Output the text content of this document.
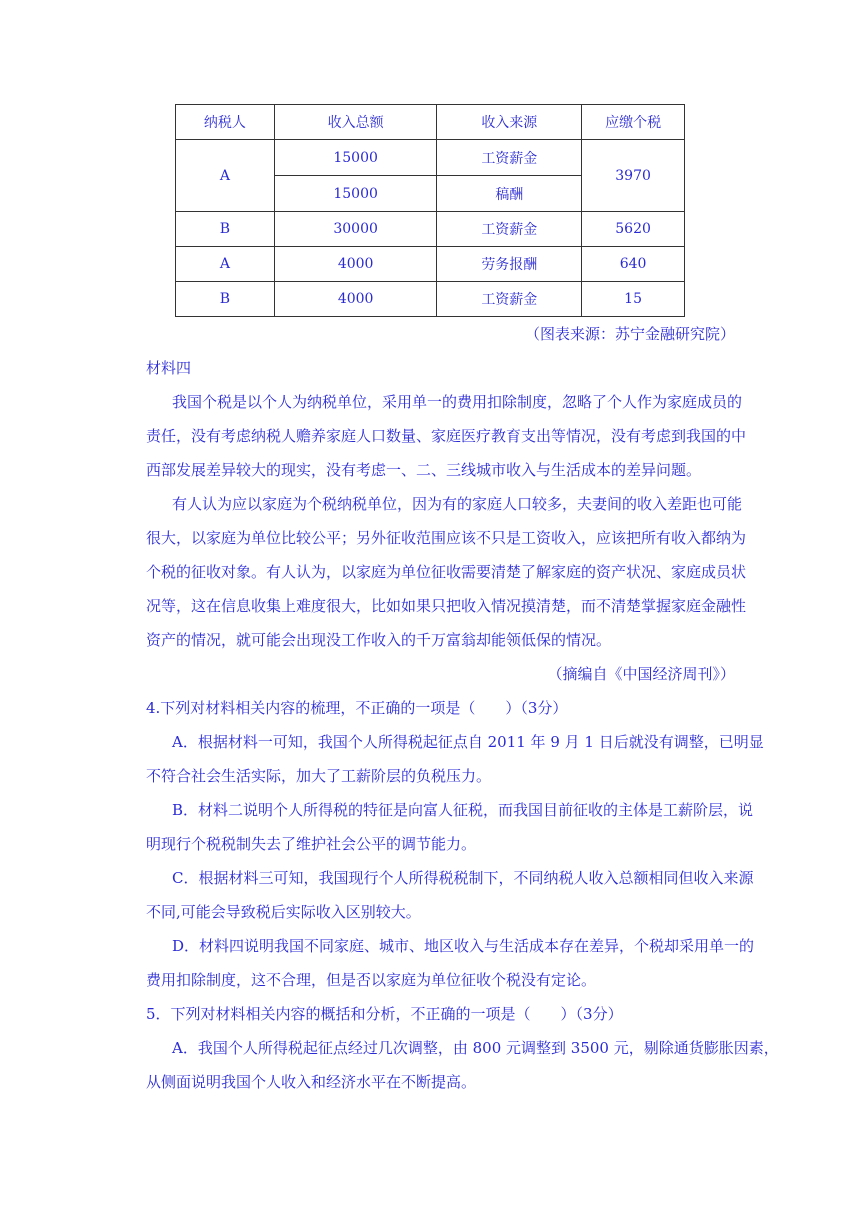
纳税人	收入总额	收入来源	应缴个税
A	15000	工资薪金	3970
	15000	稿酬	
B	30000	工资薪金	5620
A	4000	劳务报酬	640
B	4000	工资薪金	15
（图表来源：苏宁金融研究院）
材料四
我国个税是以个人为纳税单位，采用单一的费用扣除制度，忽略了个人作为家庭成员的
责任，没有考虑纳税人赡养家庭人口数量、家庭医疗教育支出等情况，没有考虑到我国的中
西部发展差异较大的现实，没有考虑一、二、三线城市收入与生活成本的差异问题。
有人认为应以家庭为个税纳税单位，因为有的家庭人口较多，夫妻间的收入差距也可能
很大，以家庭为单位比较公平；另外征收范围应该不只是工资收入，应该把所有收入都纳为
个税的征收对象。有人认为，以家庭为单位征收需要清楚了解家庭的资产状况、家庭成员状
况等，这在信息收集上难度很大，比如如果只把收入情况摸清楚，而不清楚掌握家庭金融性
资产的情况，就可能会出现没工作收入的千万富翁却能领低保的情况。
（摘编自《中国经济周刊》）
4.下列对材料相关内容的梳理，不正确的一项是（　　）（3分）
A．根据材料一可知，我国个人所得税起征点自 2011 年 9 月 1 日后就没有调整，已明显
不符合社会生活实际，加大了工薪阶层的负税压力。
B．材料二说明个人所得税的特征是向富人征税，而我国目前征收的主体是工薪阶层，说
明现行个税税制失去了维护社会公平的调节能力。
C．根据材料三可知，我国现行个人所得税税制下，不同纳税人收入总额相同但收入来源
不同,可能会导致税后实际收入区别较大。
D．材料四说明我国不同家庭、城市、地区收入与生活成本存在差异，个税却采用单一的
费用扣除制度，这不合理，但是否以家庭为单位征收个税没有定论。
5．下列对材料相关内容的概括和分析，不正确的一项是（　　）（3分）
A．我国个人所得税起征点经过几次调整，由 800 元调整到 3500 元，剔除通货膨胀因素，
从侧面说明我国个人收入和经济水平在不断提高。
